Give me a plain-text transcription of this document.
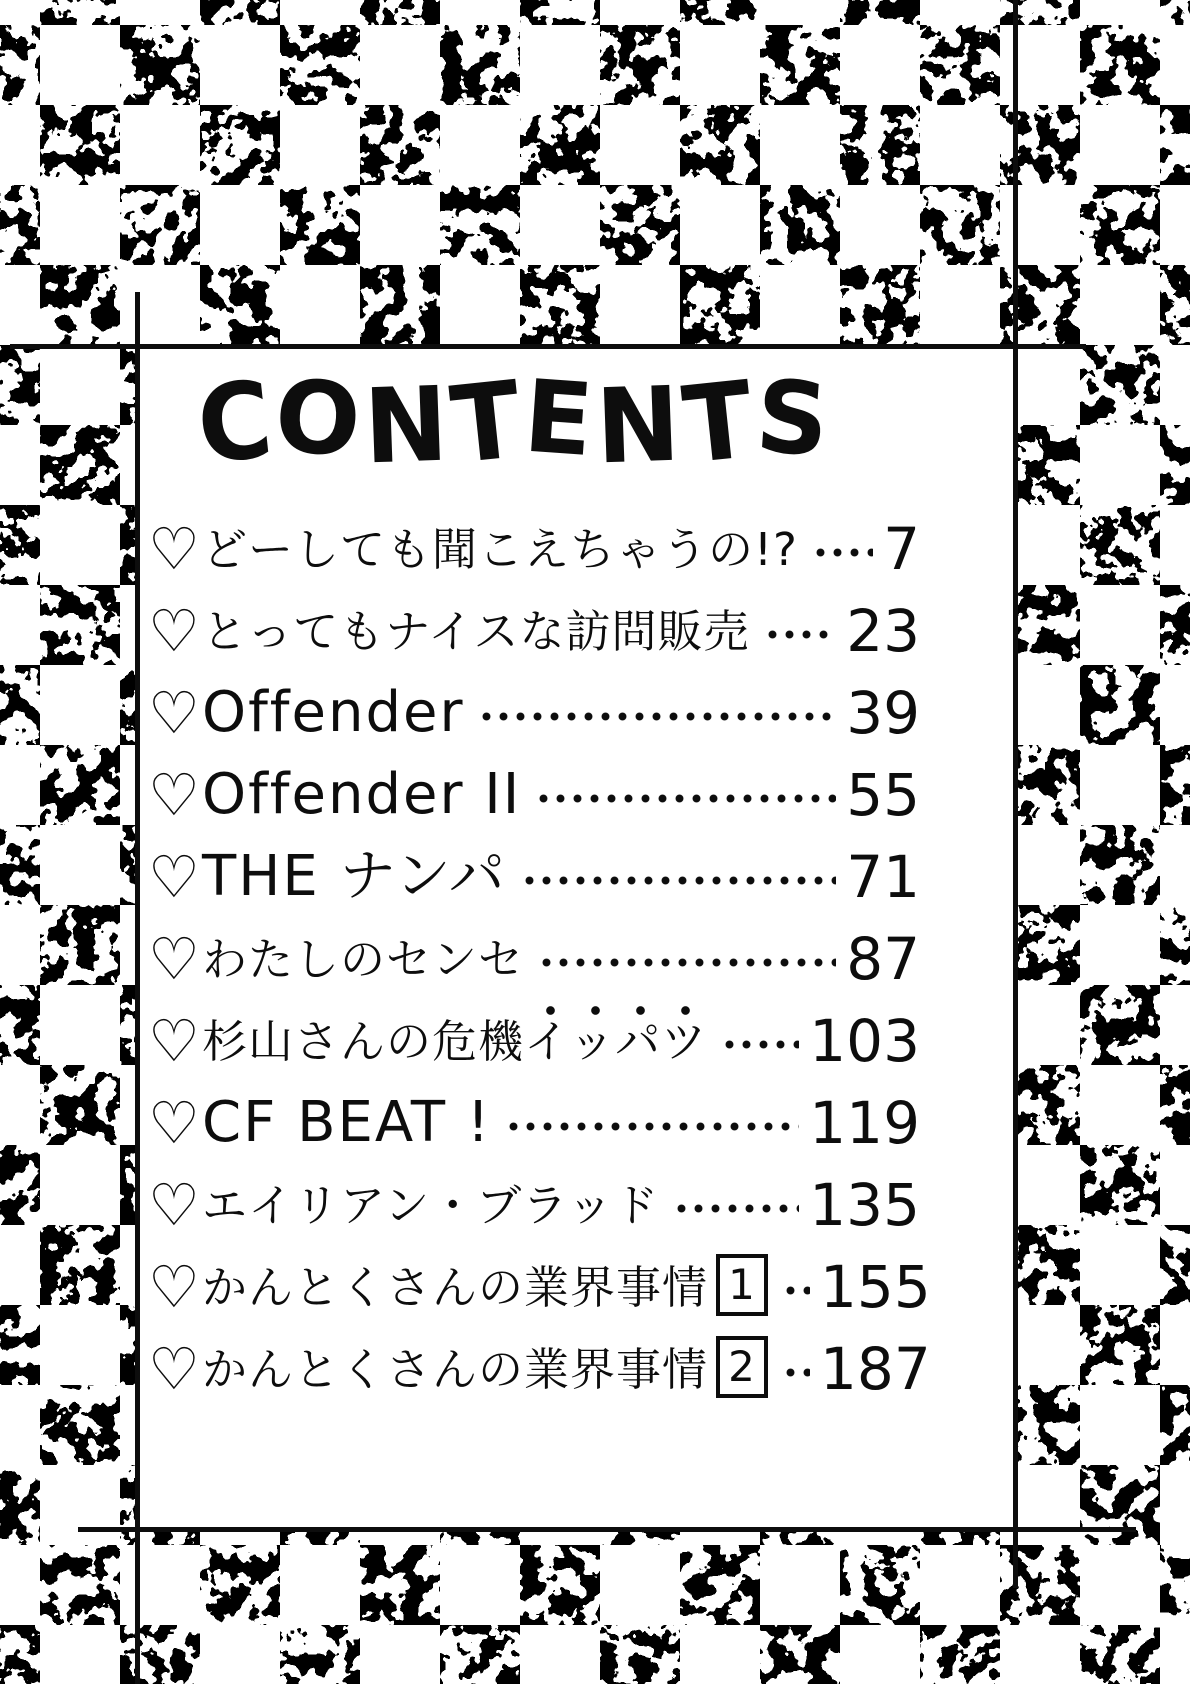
CONTENTS
♡ どーしても聞こえちゃうの!? 7
♡ とってもナイスな訪問販売 23
♡ Offender	39
♡ Offender II	55
♡ THE ナンパ	71
♡ わたしのセンセ	87
♡ 杉山さんの危機 イッパツ 103
♡ CF BEAT !	119
♡ エイリアン・ブラッド	135
♡ かんとくさんの業界事情 1 155
♡ かんとくさんの業界事情 2 187
